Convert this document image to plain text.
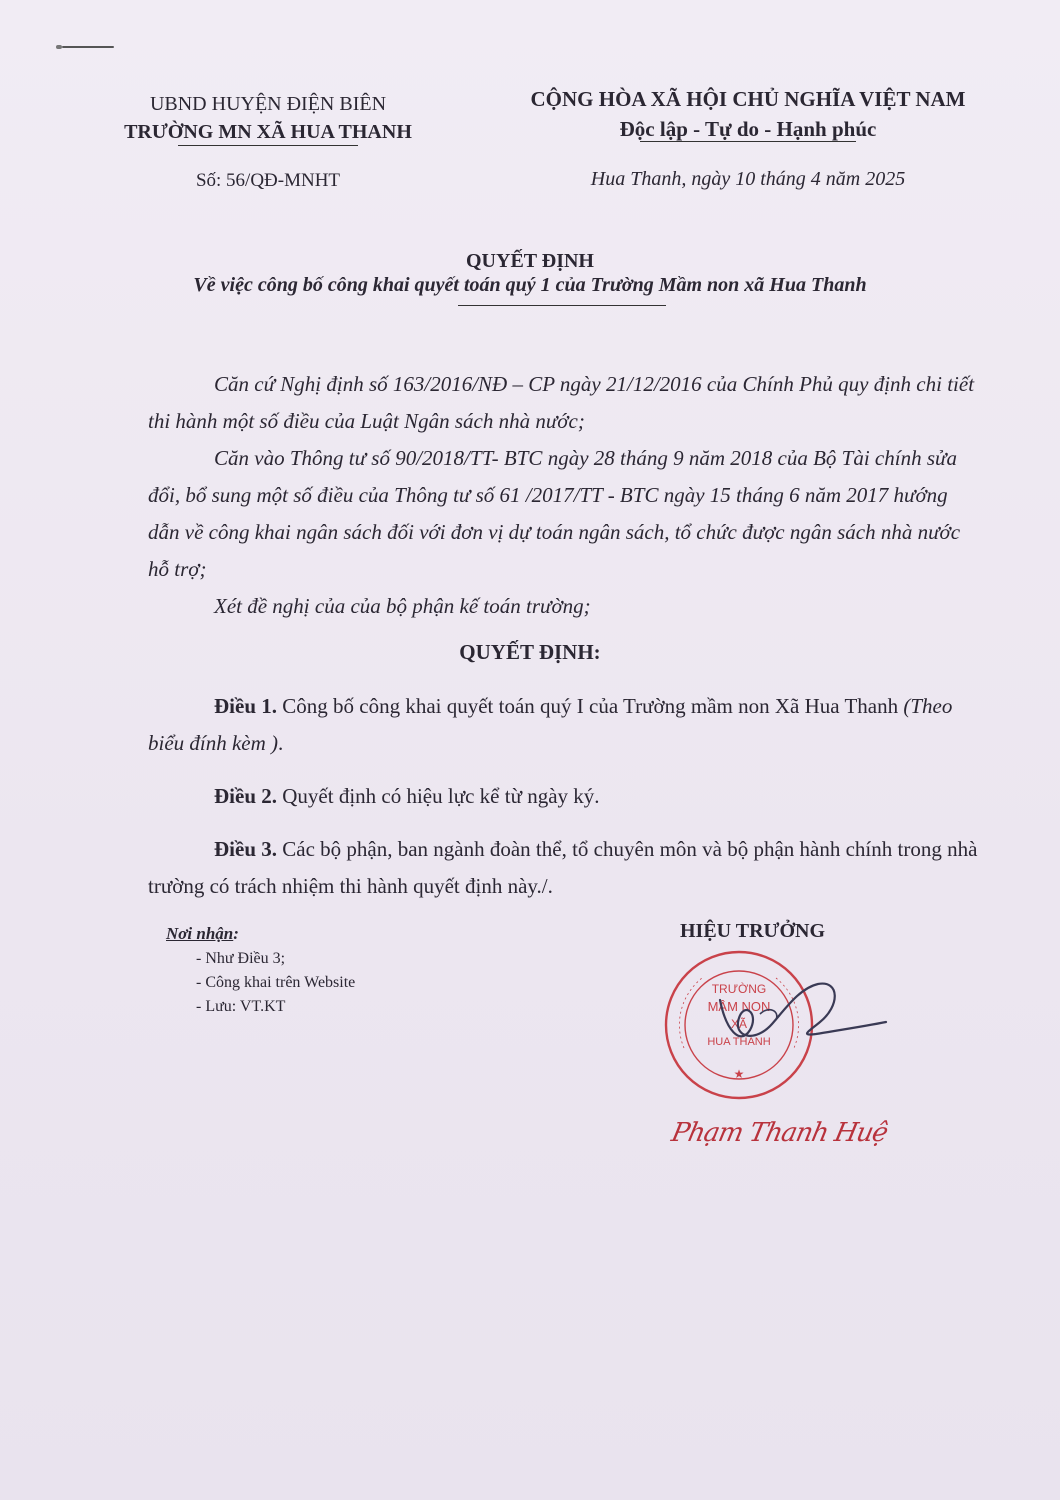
UBND HUYỆN ĐIỆN BIÊN
TRƯỜNG MN XÃ HUA THANH
CỘNG HÒA XÃ HỘI CHỦ NGHĨA VIỆT NAM
Độc lập - Tự do - Hạnh phúc
Số: 56/QĐ-MNHT	Hua Thanh, ngày 10 tháng 4 năm 2025
QUYẾT ĐỊNH
Về việc công bố công khai quyết toán quý 1 của Trường Mầm non xã Hua Thanh

Căn cứ Nghị định số 163/2016/NĐ – CP ngày 21/12/2016 của Chính Phủ quy định chi tiết thi hành một số điều của Luật Ngân sách nhà nước;

Căn vào Thông tư số 90/2018/TT- BTC ngày 28 tháng 9 năm 2018 của Bộ Tài chính sửa đổi, bổ sung một số điều của Thông tư số 61 /2017/TT - BTC ngày 15 tháng 6 năm 2017 hướng dẫn về công khai ngân sách đối với đơn vị dự toán ngân sách, tổ chức được ngân sách nhà nước hỗ trợ;

Xét đề nghị của của bộ phận kế toán trường;

QUYẾT ĐỊNH:

Điều 1. Công bố công khai quyết toán quý I của Trường mầm non Xã Hua Thanh (Theo biểu đính kèm ).

Điều 2. Quyết định có hiệu lực kể từ ngày ký.

Điều 3. Các bộ phận, ban ngành đoàn thể, tổ chuyên môn và bộ phận hành chính trong nhà trường có trách nhiệm thi hành quyết định này./.

Nơi nhận:
- Như Điều 3;
- Công khai trên Website
- Lưu: VT.KT
HIỆU TRƯỞNG
TRƯỜNG
MẦM NON
XÃ
HUA THANH
★
Phạm Thanh Huệ
